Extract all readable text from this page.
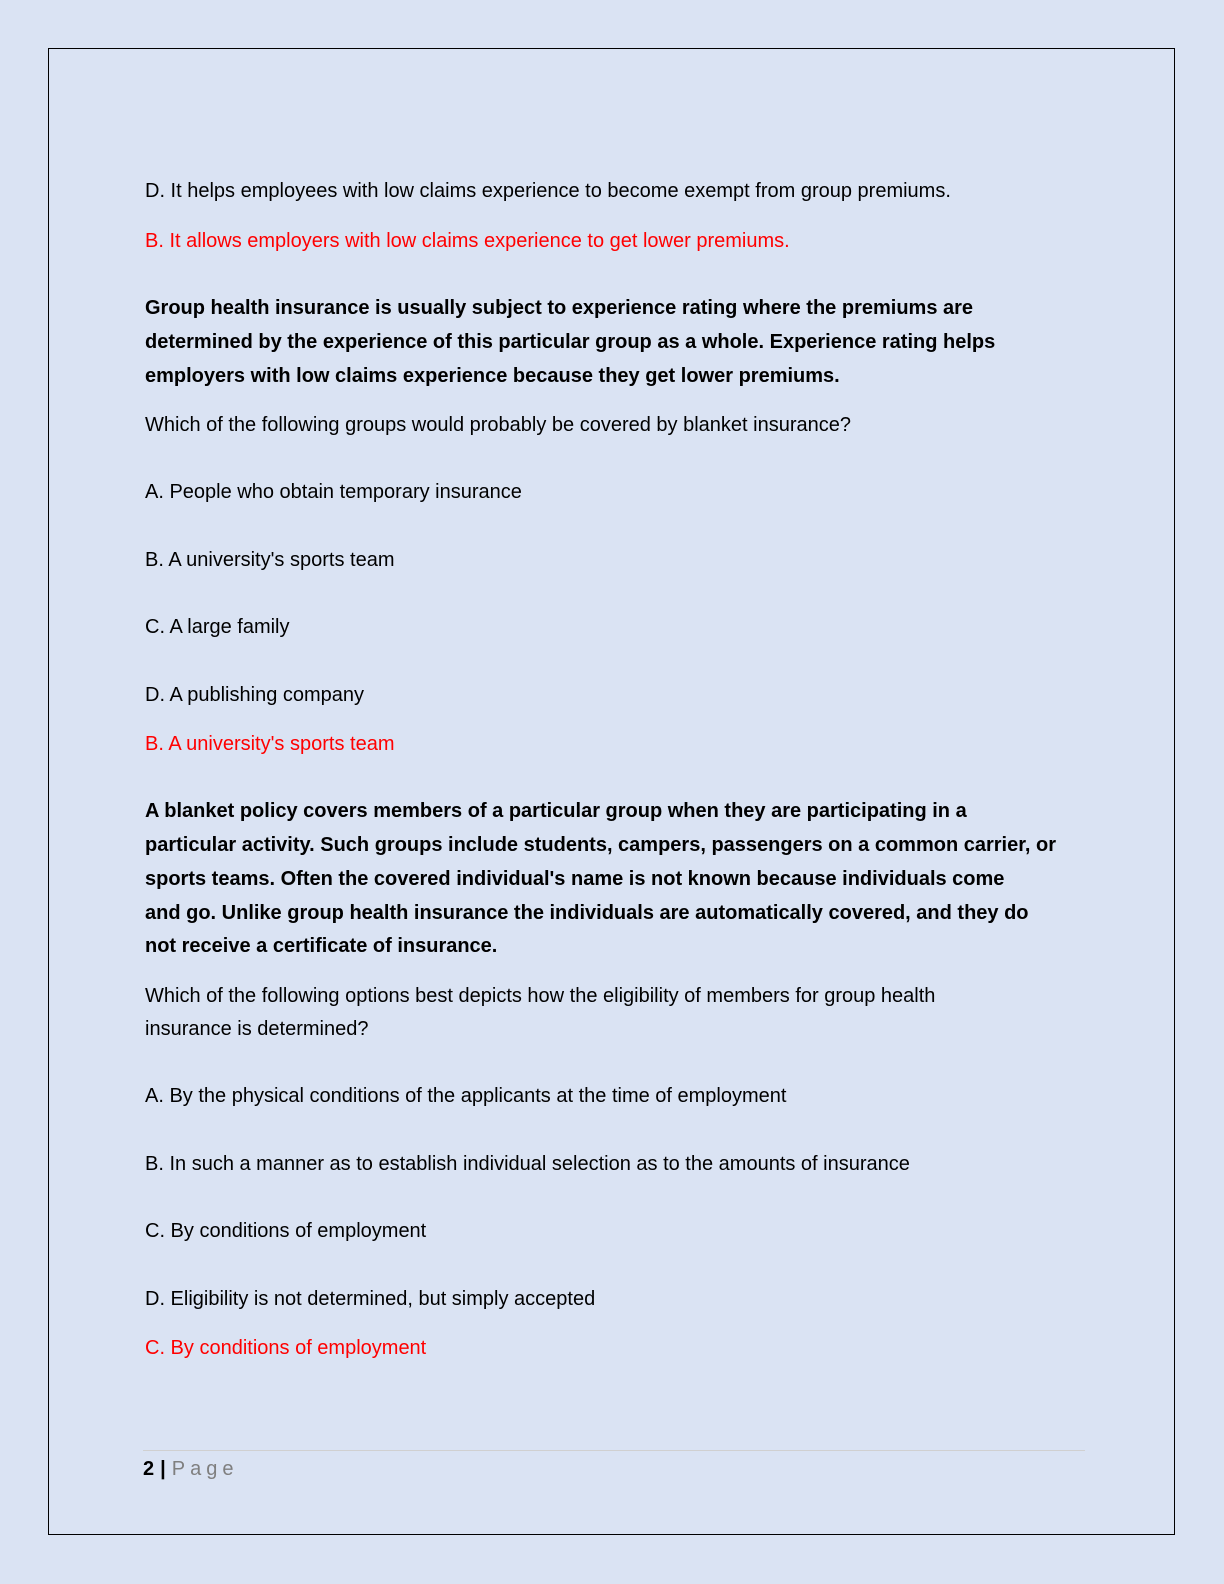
D. It helps employees with low claims experience to become exempt from group premiums.
B. It allows employers with low claims experience to get lower premiums.
Group health insurance is usually subject to experience rating where the premiums are
determined by the experience of this particular group as a whole. Experience rating helps
employers with low claims experience because they get lower premiums.
Which of the following groups would probably be covered by blanket insurance?
A. People who obtain temporary insurance
B. A university's sports team
C. A large family
D. A publishing company
B. A university's sports team
A blanket policy covers members of a particular group when they are participating in a
particular activity. Such groups include students, campers, passengers on a common carrier, or
sports teams. Often the covered individual's name is not known because individuals come
and go. Unlike group health insurance the individuals are automatically covered, and they do
not receive a certificate of insurance.
Which of the following options best depicts how the eligibility of members for group health
insurance is determined?
A. By the physical conditions of the applicants at the time of employment
B. In such a manner as to establish individual selection as to the amounts of insurance
C. By conditions of employment
D. Eligibility is not determined, but simply accepted
C. By conditions of employment
2 | Page
